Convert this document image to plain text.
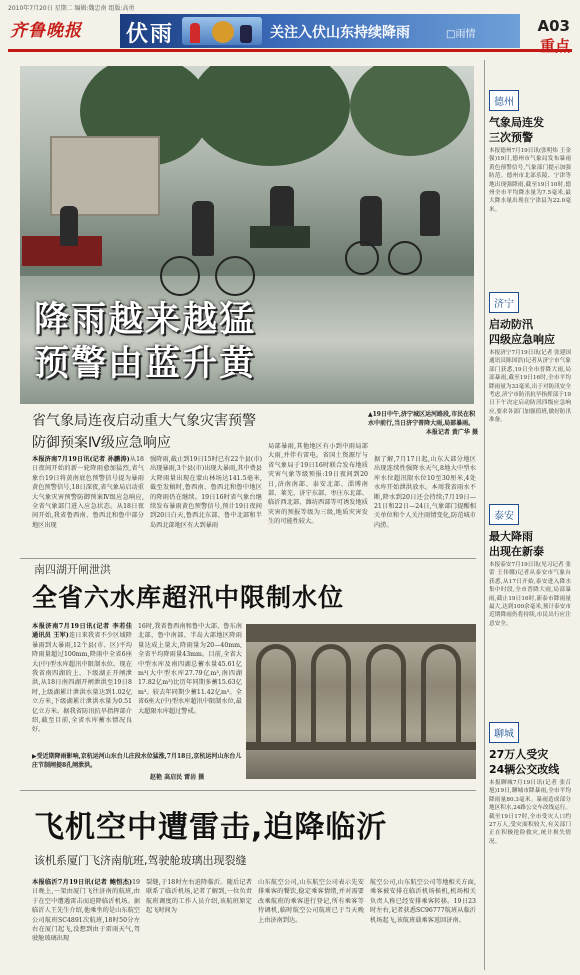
2010年7月20日 星期二 编辑:魏忠南 组版:高勇
齐鲁晚报 伏雨	关注入伏山东持续降雨	□雨情	A03
重点
降雨越来越猛
预警由蓝升黄
省气象局连夜启动重大气象灾害预警
防御预案Ⅳ级应急响应
▲19日中午,济宁城区运河路段,市民在积水中前行,当日济宁普降大雨,局部暴雨。
本报记者 黄广华 摄
本报济南7月19日讯(记者 孙鹏涛)从18日夜间开始的新一轮降雨愈加猛烈,省气象台19日将黄南底色预警信号提为暴雨黄色预警信号,18日深夜,省气象局启动重大气象灾害预警防御预案Ⅳ级应急响应,全省气象部门进入应急状态。从18日夜间开始,我省鲁西南、鲁西北和鲁中部分地区出现
强降雨,截止到19日15时已有22个县(市)出现暴雨,3个县(市)出现大暴雨,其中费县大降雨量出现在蒙山林场达141.5毫米,截至发稿时,鲁西南、鲁西北和鲁中地区的降雨仍在继续。19日16时省气象台继续发布暴雨黄色预警信号,预计19日夜间到20日白天,鲁西北东部、鲁中北部和半岛西北部地区有大到暴雨
局部暴雨,其他地区有小到中雨局部大雨,并伴有雷电。省国土资源厅与省气象局于19日16时联合发布地质灾害气象等级预报:19日夜间到20日,济南南部、泰安北部、淄博南部、莱芜、济宁东部、枣庄东北部、临沂西北部、潍坊西部等可诱发地质灾害的预报等级为三级,地质灾害发生的可能性较大。
据了解,7月17日起,山东大部分地区出现连续性强降水天气,8地大中型水库水位超汛限水位10至30厘米,4处水库开始泄洪放水。本周我省雨水不断,降水到20日还会持续;7月19日—21日和22日—24日,气象部门提醒相关单位和个人关注雨情变化,防范城市内涝。
南四湖开闸泄洪
全省六水库超汛中限制水位
本报济南7月19日讯(记者 李若佳 通讯员 王军)连日来我省不少区域降暴雨到大暴雨,12个县(市、区)平均降雨量超过100mm,降雨中全省6座大(中)型水库超汛中限制水位。现在我省南四湖的上、下级湖正开闸泄洪,从18日南四湖开闸泄洪至19日8时,上级湖累计泄洪水量达到1.02亿立方米,下级湖累计泄洪水量为0.51亿立方米。据我省防汛抗旱指挥部介绍,截至目前,全省水库蓄水情况良好。
16时,我省鲁西南和鲁中大部、鲁东南北部、鲁中南部、半岛大部地区降雨量达成上量大,降雨量为20—40mm,全省平均降雨量43mm。目前,全省大中型水库及南四湖总蓄水量45.61亿m³(大中型水库27.79亿m³,南四湖17.82亿m³)比历年同期多蓄15.63亿m³。较去年同期少蓄11.42亿m³。全省6座大(中)型水库超汛中限制水位,最大超限水库超过警戒。
▶受近期降雨影响,京杭运河山东台儿庄段水位猛涨,7月18日,京杭运河山东台儿庄节制闸提8孔闸泄洪。
赵艳 高启民 雷岩 摄
飞机空中遭雷击,迫降临沂
该机系厦门飞济南航班,驾驶舱玻璃出现裂缝
本报临沂7月19日讯(记者 鲍恒杰)19日晚上,一架由厦门飞往济南的航班,由于在空中遭遇雷击而迫降临沂机场。据临沂人王先生介绍,他乘坐的是山东航空公司航班SC4891次航班,18时50分左右在厦门起飞,没想到由于雷雨天气,驾驶舱玻璃出现
裂缝,于18时左右迫降临沂。随后记者联系了临沂机场,记者了解到,一位负责航班调度的工作人员介绍,该航班原定起飞时间为
山东航空公司,山东航空公司表示先安排乘客的餐饮,稳定乘客情绪,并对需要改乘航班的乘客进行登记,所有乘客等待调机,临时航空公司航班已于当天晚上由济南到达。
航空公司,山东航空公司等地相关方面,乘客被安排在临沂机场候机,机场相关负责人称已经安排乘客转移。19日23时左右,记者获悉SC96777航班从临沂机场起飞,该航班载乘客返回济南。
德州
气象局连发
三次预警
本报德州7月19日讯(张明炜 王金强)19日,德州市气象局发布暴雨黄色预警信号,气象部门提示加强防范。德州市北部乐陵、宁津等地出现强降雨,截至19日10时,德州全市平均降水量为7.5毫米,最大降水量出现在宁津县为22.0毫米。
济宁
启动防汛
四级应急响应
本报济宁7月19日讯(记者 张建国 通讯员陈国浩)记者从济宁市气象部门获悉,19日全市普降大雨,局部暴雨,截至19日16时,全市平均降雨量为33毫米,出于对防汛安全考虑,济宁市防汛抗旱指挥部于19日下午决定启动防汛四级应急响应,要求各部门加强值班,做好防汛准备。
泰安
最大降雨
出现在新泰
本报泰安7月19日讯(见习记者 张蕾 王伟娜)记者从泰安市气象台获悉,从17日开始,泰安进入降水集中时段,全市普降大雨,局部暴雨,截止19日16时,新泰市降雨量最大,达到100余毫米,预计泰安市近期降雨仍将持续,市民出行应注意安全。
聊城
27万人受灾
24辆公交改线
本报聊城7月19日讯(记者 张召旭)19日,聊城市降暴雨,全市平均降雨量80.3毫米。暴雨造成部分地区积水,24路公交车改线运行。截至19日17时,全市受灾人口约27万人,受灾面积较大,有关部门正在积极抢险救灾,统计损失情况。
